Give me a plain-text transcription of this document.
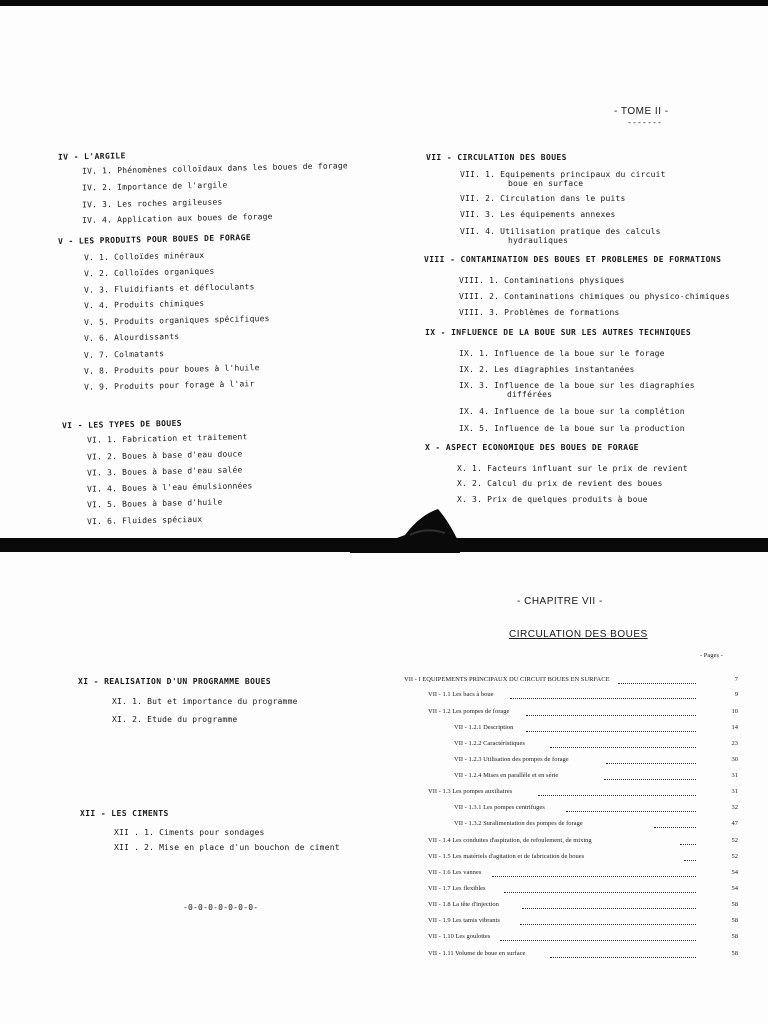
- TOME II -
-------
IV - L'ARGILE
IV. 1. Phénomènes colloïdaux dans les boues de forage
IV. 2. Importance de l'argile
IV. 3. Les roches argileuses
IV. 4. Application aux boues de forage
V - LES PRODUITS POUR BOUES DE FORAGE
V. 1. Colloïdes minéraux
V. 2. Colloïdes organiques
V. 3. Fluidifiants et défloculants
V. 4. Produits chimiques
V. 5. Produits organiques spécifiques
V. 6. Alourdissants
V. 7. Colmatants
V. 8. Produits pour boues à l'huile
V. 9. Produits pour forage à l'air
VI - LES TYPES DE BOUES
VI. 1. Fabrication et traitement
VI. 2. Boues à base d'eau douce
VI. 3. Boues à base d'eau salée
VI. 4. Boues à l'eau émulsionnées
VI. 5. Boues à base d'huile
VI. 6. Fluides spéciaux
VII - CIRCULATION DES BOUES
VII. 1. Equipements principaux du circuit
boue en surface
VII. 2. Circulation dans le puits
VII. 3. Les équipements annexes
VII. 4. Utilisation pratique des calculs
hydrauliques
VIII - CONTAMINATION DES BOUES ET PROBLEMES DE FORMATIONS
VIII. 1. Contaminations physiques
VIII. 2. Contaminations chimiques ou physico-chimiques
VIII. 3. Problèmes de formations
IX - INFLUENCE DE LA BOUE SUR LES AUTRES TECHNIQUES
IX. 1. Influence de la boue sur le forage
IX. 2. Les diagraphies instantanées
IX. 3. Influence de la boue sur les diagraphies
différées
IX. 4. Influence de la boue sur la complétion
IX. 5. Influence de la boue sur la production
X - ASPECT ECONOMIQUE DES BOUES DE FORAGE
X. 1. Facteurs influant sur le prix de revient
X. 2. Calcul du prix de revient des boues
X. 3. Prix de quelques produits à boue
- CHAPITRE VII -
CIRCULATION DES BOUES
- Pages -
XI - REALISATION D'UN PROGRAMME BOUES
XI. 1. But et importance du programme
XI. 2. Etude du programme
XII - LES CIMENTS
XII . 1. Ciments pour sondages
XII . 2. Mise en place d'un bouchon de ciment
-0-0-0-0-0-0-0-
VII - I EQUIPEMENTS PRINCIPAUX DU CIRCUIT BOUES EN SURFACE	7
VII - 1.1 Les bacs à boue	9
VII - 1.2 Les pompes de forage	10
VII - 1.2.1 Description	14
VII - 1.2.2 Caractéristiques	23
VII - 1.2.3 Utilisation des pompes de forage	30
VII - 1.2.4 Mises en parallèle et en série	31
VII - 1.3 Les pompes auxiliaires	31
VII - 1.3.1 Les pompes centrifuges	32
VII - 1.3.2 Suralimentation des pompes de forage	47
VII - 1.4 Les conduites d'aspiration, de refoulement, de mixing	52
VII - 1.5 Les matériels d'agitation et de fabrication de boues	52
VII - 1.6 Les vannes	54
VII - 1.7 Les flexibles	54
VII - 1.8 La tête d'injection	58
VII - 1.9 Les tamis vibrants	58
VII - 1.10 Les goulottes	58
VII - 1.11 Volume de boue en surface	58
